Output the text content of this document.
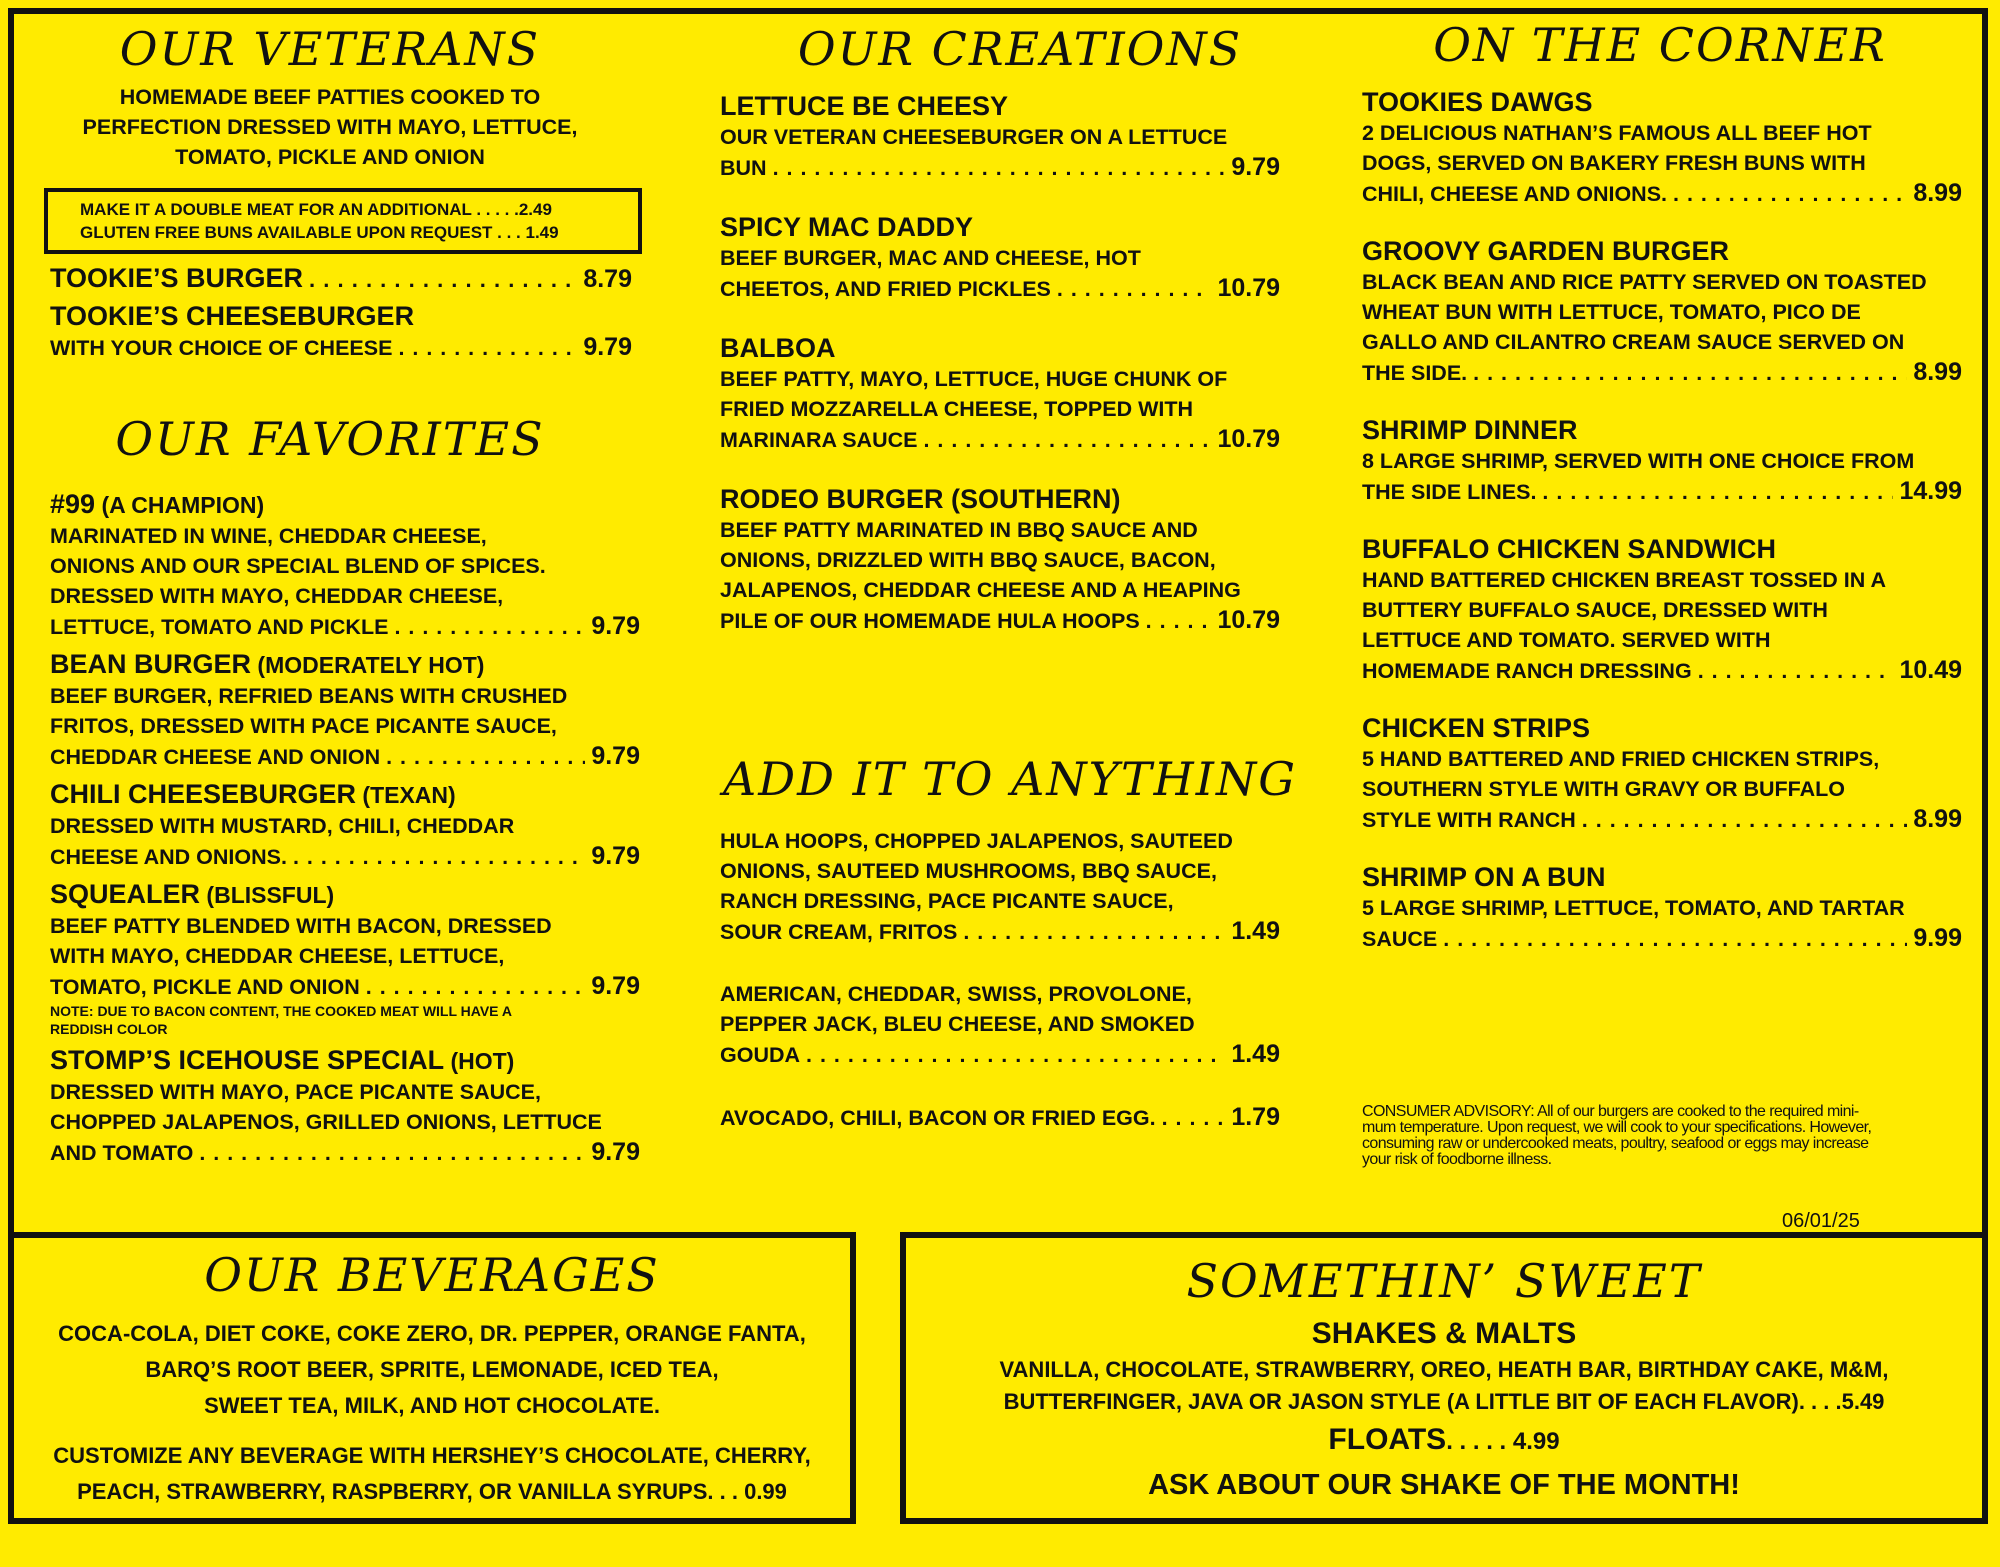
OUR VETERANS
HOMEMADE BEEF PATTIES COOKED TO
PERFECTION DRESSED WITH MAYO, LETTUCE,
TOMATO, PICKLE AND ONION
MAKE IT A DOUBLE MEAT FOR AN ADDITIONAL . . . . .2.49
GLUTEN FREE BUNS AVAILABLE UPON REQUEST . . . 1.49
TOOKIE’S BURGER . . .	8.79
TOOKIE’S CHEESEBURGER
WITH YOUR CHOICE OF CHEESE . . .	9.79
OUR FAVORITES
#99 (A CHAMPION)
MARINATED IN WINE, CHEDDAR CHEESE,
ONIONS AND OUR SPECIAL BLEND OF SPICES.
DRESSED WITH MAYO, CHEDDAR CHEESE,
LETTUCE, TOMATO AND PICKLE . . .	9.79
BEAN BURGER (MODERATELY HOT)
BEEF BURGER, REFRIED BEANS WITH CRUSHED
FRITOS, DRESSED WITH PACE PICANTE SAUCE,
CHEDDAR CHEESE AND ONION . . .	9.79
CHILI CHEESEBURGER (TEXAN)
DRESSED WITH MUSTARD, CHILI, CHEDDAR
CHEESE AND ONIONS. . . .	9.79
SQUEALER (BLISSFUL)
BEEF PATTY BLENDED WITH BACON, DRESSED
WITH MAYO, CHEDDAR CHEESE, LETTUCE,
TOMATO, PICKLE AND ONION . . .	9.79
NOTE: DUE TO BACON CONTENT, THE COOKED MEAT WILL HAVE A
REDDISH COLOR
STOMP’S ICEHOUSE SPECIAL (HOT)
DRESSED WITH MAYO, PACE PICANTE SAUCE,
CHOPPED JALAPENOS, GRILLED ONIONS, LETTUCE
AND TOMATO . . .	9.79
OUR CREATIONS
LETTUCE BE CHEESY
OUR VETERAN CHEESEBURGER ON A LETTUCE
BUN . . .	9.79
SPICY MAC DADDY
BEEF BURGER, MAC AND CHEESE, HOT
CHEETOS, AND FRIED PICKLES . . .	10.79
BALBOA
BEEF PATTY, MAYO, LETTUCE, HUGE CHUNK OF
FRIED MOZZARELLA CHEESE, TOPPED WITH
MARINARA SAUCE . . .	10.79
RODEO BURGER (SOUTHERN)
BEEF PATTY MARINATED IN BBQ SAUCE AND
ONIONS, DRIZZLED WITH BBQ SAUCE, BACON,
JALAPENOS, CHEDDAR CHEESE AND A HEAPING
PILE OF OUR HOMEMADE HULA HOOPS . . .	10.79
ADD IT TO ANYTHING
HULA HOOPS, CHOPPED JALAPENOS, SAUTEED
ONIONS, SAUTEED MUSHROOMS, BBQ SAUCE,
RANCH DRESSING, PACE PICANTE SAUCE,
SOUR CREAM, FRITOS . . .	1.49
AMERICAN, CHEDDAR, SWISS, PROVOLONE,
PEPPER JACK, BLEU CHEESE, AND SMOKED
GOUDA . . .	1.49
AVOCADO, CHILI, BACON OR FRIED EGG. . . .	1.79
ON THE CORNER
TOOKIES DAWGS
2 DELICIOUS NATHAN’S FAMOUS ALL BEEF HOT
DOGS, SERVED ON BAKERY FRESH BUNS WITH
CHILI, CHEESE AND ONIONS. . . .	8.99
GROOVY GARDEN BURGER
BLACK BEAN AND RICE PATTY SERVED ON TOASTED
WHEAT BUN WITH LETTUCE, TOMATO, PICO DE
GALLO AND CILANTRO CREAM SAUCE SERVED ON
THE SIDE. . . .	8.99
SHRIMP DINNER
8 LARGE SHRIMP, SERVED WITH ONE CHOICE FROM
THE SIDE LINES. . . .	14.99
BUFFALO CHICKEN SANDWICH
HAND BATTERED CHICKEN BREAST TOSSED IN A
BUTTERY BUFFALO SAUCE, DRESSED WITH
LETTUCE AND TOMATO. SERVED WITH
HOMEMADE RANCH DRESSING . . .	10.49
CHICKEN STRIPS
5 HAND BATTERED AND FRIED CHICKEN STRIPS,
SOUTHERN STYLE WITH GRAVY OR BUFFALO
STYLE WITH RANCH . . .	8.99
SHRIMP ON A BUN
5 LARGE SHRIMP, LETTUCE, TOMATO, AND TARTAR
SAUCE . . .	9.99
CONSUMER ADVISORY: All of our burgers are cooked to the required mini-
mum temperature. Upon request, we will cook to your specifications. However,
consuming raw or undercooked meats, poultry, seafood or eggs may increase
your risk of foodborne illness.
06/01/25
OUR BEVERAGES
COCA-COLA, DIET COKE, COKE ZERO, DR. PEPPER, ORANGE FANTA,
BARQ’S ROOT BEER, SPRITE, LEMONADE, ICED TEA,
SWEET TEA, MILK, AND HOT CHOCOLATE.
CUSTOMIZE ANY BEVERAGE WITH HERSHEY’S CHOCOLATE, CHERRY,
PEACH, STRAWBERRY, RASPBERRY, OR VANILLA SYRUPS. . . 0.99
SOMETHIN’ SWEET
SHAKES & MALTS
VANILLA, CHOCOLATE, STRAWBERRY, OREO, HEATH BAR, BIRTHDAY CAKE, M&M,
BUTTERFINGER, JAVA OR JASON STYLE (A LITTLE BIT OF EACH FLAVOR). . . .5.49
FLOATS. . . . . 4.99
ASK ABOUT OUR SHAKE OF THE MONTH!
